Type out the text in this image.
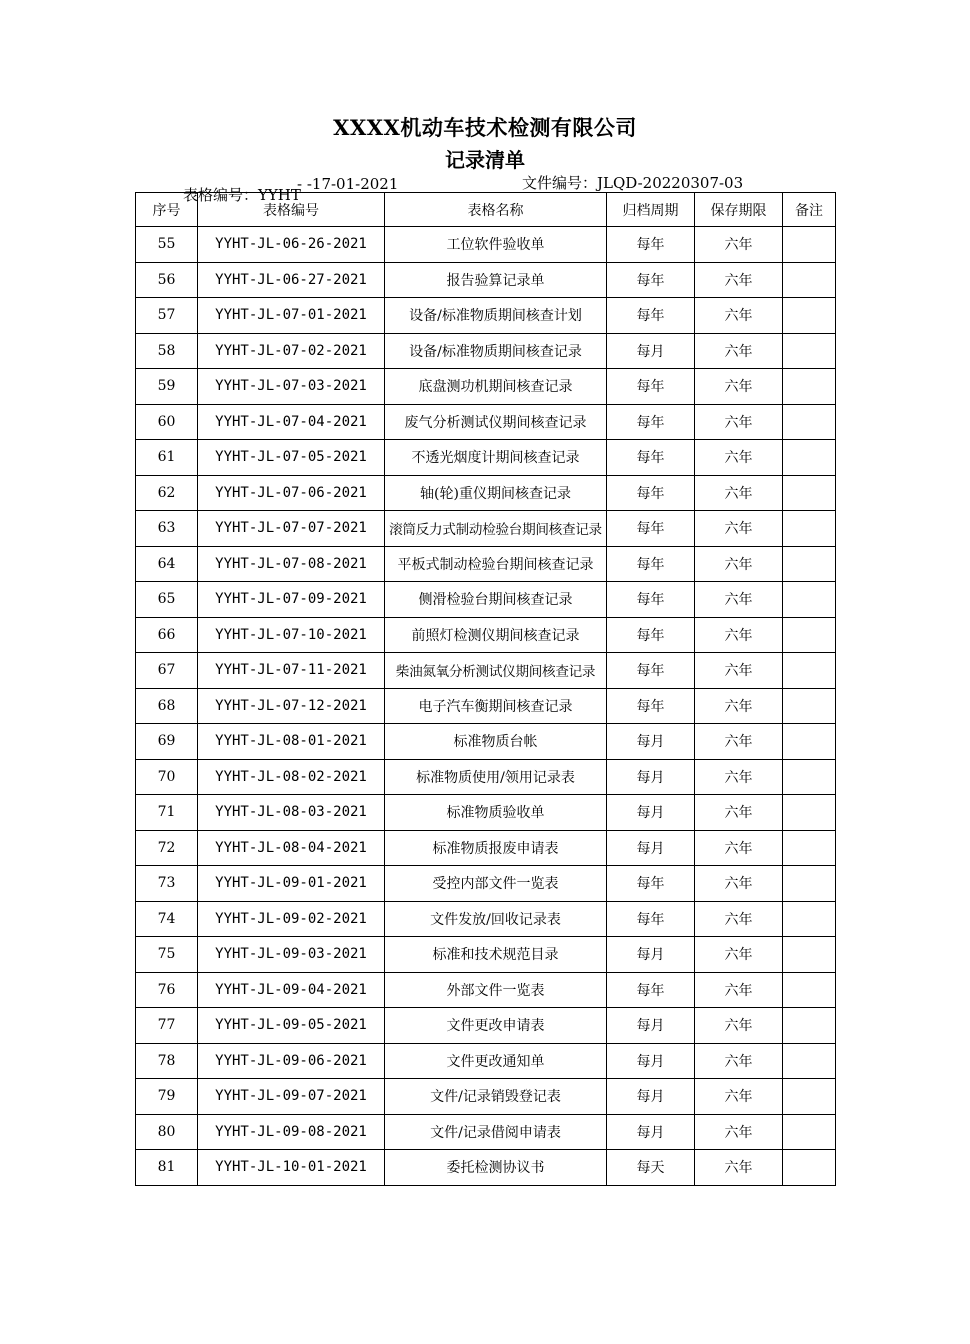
XXXX机动车技术检测有限公司
记录清单
表格编号：YYHT
- -17-01-2021	文件编号：JLQD-20220307-03
序号	表格编号	表格名称	归档周期	保存期限	备注
55	YYHT-JL-06-26-2021	工位软件验收单	每年	六年	
56	YYHT-JL-06-27-2021	报告验算记录单	每年	六年	
57	YYHT-JL-07-01-2021	设备/标准物质期间核查计划	每年	六年	
58	YYHT-JL-07-02-2021	设备/标准物质期间核查记录	每月	六年	
59	YYHT-JL-07-03-2021	底盘测功机期间核查记录	每年	六年	
60	YYHT-JL-07-04-2021	废气分析测试仪期间核查记录	每年	六年	
61	YYHT-JL-07-05-2021	不透光烟度计期间核查记录	每年	六年	
62	YYHT-JL-07-06-2021	轴(轮)重仪期间核查记录	每年	六年	
63	YYHT-JL-07-07-2021	滚筒反力式制动检验台期间核查记录	每年	六年	
64	YYHT-JL-07-08-2021	平板式制动检验台期间核查记录	每年	六年	
65	YYHT-JL-07-09-2021	侧滑检验台期间核查记录	每年	六年	
66	YYHT-JL-07-10-2021	前照灯检测仪期间核查记录	每年	六年	
67	YYHT-JL-07-11-2021	柴油氮氧分析测试仪期间核查记录	每年	六年	
68	YYHT-JL-07-12-2021	电子汽车衡期间核查记录	每年	六年	
69	YYHT-JL-08-01-2021	标准物质台帐	每月	六年	
70	YYHT-JL-08-02-2021	标准物质使用/领用记录表	每月	六年	
71	YYHT-JL-08-03-2021	标准物质验收单	每月	六年	
72	YYHT-JL-08-04-2021	标准物质报废申请表	每月	六年	
73	YYHT-JL-09-01-2021	受控内部文件一览表	每年	六年	
74	YYHT-JL-09-02-2021	文件发放/回收记录表	每年	六年	
75	YYHT-JL-09-03-2021	标准和技术规范目录	每月	六年	
76	YYHT-JL-09-04-2021	外部文件一览表	每年	六年	
77	YYHT-JL-09-05-2021	文件更改申请表	每月	六年	
78	YYHT-JL-09-06-2021	文件更改通知单	每月	六年	
79	YYHT-JL-09-07-2021	文件/记录销毁登记表	每月	六年	
80	YYHT-JL-09-08-2021	文件/记录借阅申请表	每月	六年	
81	YYHT-JL-10-01-2021	委托检测协议书	每天	六年	
